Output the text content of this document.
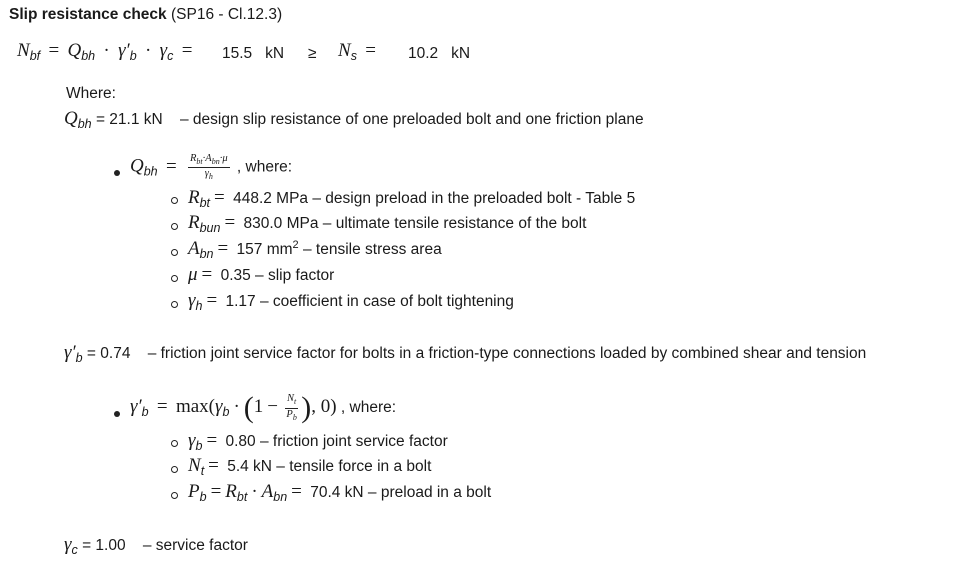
Slip resistance check (SP16 - Cl.12.3)
$N_{bf} = Q_{bh} \cdot \gamma'_b \cdot \gamma_c = 15.5$ kN ≥ $N_s = 10.2$ kN
Where:
$Q_{bh} = 21.1$ kN – design slip resistance of one preloaded bolt and one friction plane
$Q_{bh} = \frac{R_{bt}\cdot A_{bn}\cdot\mu}{\gamma_h}$ , where:
$R_{bt} = 448.2$ MPa – design preload in the preloaded bolt - Table 5
$R_{bun} = 830.0$ MPa – ultimate tensile resistance of the bolt
$A_{bn} = 157$ $mm^2$ – tensile stress area
μ = 0.35 – slip factor
$\gamma_h = 1.17$ – coefficient in case of bolt tightening
$\gamma'_b = 0.74$ – friction joint service factor for bolts in a friction-type connections loaded by combined shear and tension
$\gamma'_b = \max(\gamma_b \cdot (1 - \frac{N_t}{P_b}$ ), 0) , where:
$\gamma_b = 0.80$ – friction joint service factor
$N_t = 5.4$ kN – tensile force in a bolt
$P_b = R_{bt} \cdot A_{bn} = 70.4$ kN – preload in a bolt
$\gamma_c = 1.00$ – service factor
